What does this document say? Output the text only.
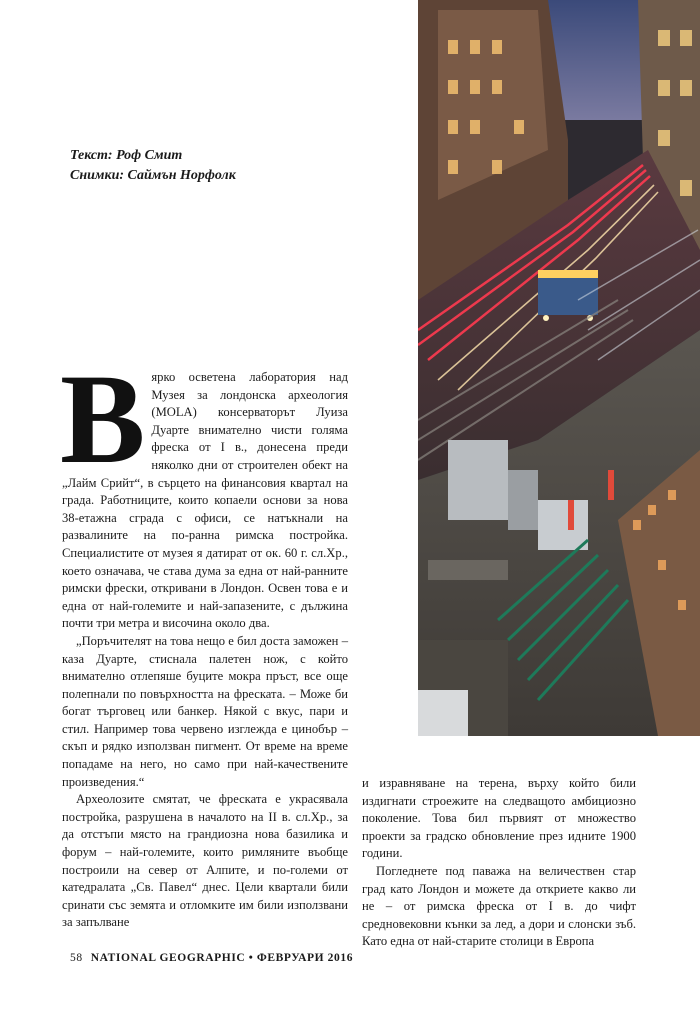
Текст: Роф Смит
Снимки: Саймън Норфолк

Вярко осветена лаборатория над Музея за лондонска археология (MOLA) консерваторът Луиза Дуарте внимателно чисти голяма фреска от I в., донесена преди няколко дни от строителен обект на „Лайм Срийт“, в сърцето на финансовия квартал на града. Работниците, които копаели основи за нова 38-етажна сграда с офиси, се натъкнали на развалините на по-ранна римска постройка. Специалистите от музея я датират от ок. 60 г. сл.Хр., което означава, че става дума за една от най-ранните римски фрески, откривани в Лондон. Освен това е и една от най-големите и най-запазените, с дължина почти три метра и височина около два.

„Поръчителят на това нещо е бил доста заможен – каза Дуарте, стиснала палетен нож, с който внимателно отлепяше буците мокра пръст, все още полепнали по повърхността на фреската. – Може би богат търговец или банкер. Някой с вкус, пари и стил. Например това червено изглежда е цинобър – скъп и рядко използван пигмент. От време на време попадаме на него, но само при най-качествените произведения.“

Археолозите смятат, че фреската е украсявала постройка, разрушена в началото на II в. сл.Хр., за да отстъпи място на грандиозна нова базилика и форум – най-големите, които римляните въобще построили на север от Алпите, и по-големи от катедралата „Св. Павел“ днес. Цели квартали били сринати със земята и отломките им били използвани за запълване

и изравняване на терена, върху който били издигнати строежите на следващото амбициозно поколение. Това бил първият от множество проекти за градско обновление през идните 1900 години.

Погледнете под паважа на величествен стар град като Лондон и можете да откриете какво ли не – от римска фреска от I в. до чифт средновековни кънки за лед, а дори и слонски зъб. Като една от най-старите столици в Европа

58 NATIONAL GEOGRAPHIC • ФЕВРУАРИ 2016
